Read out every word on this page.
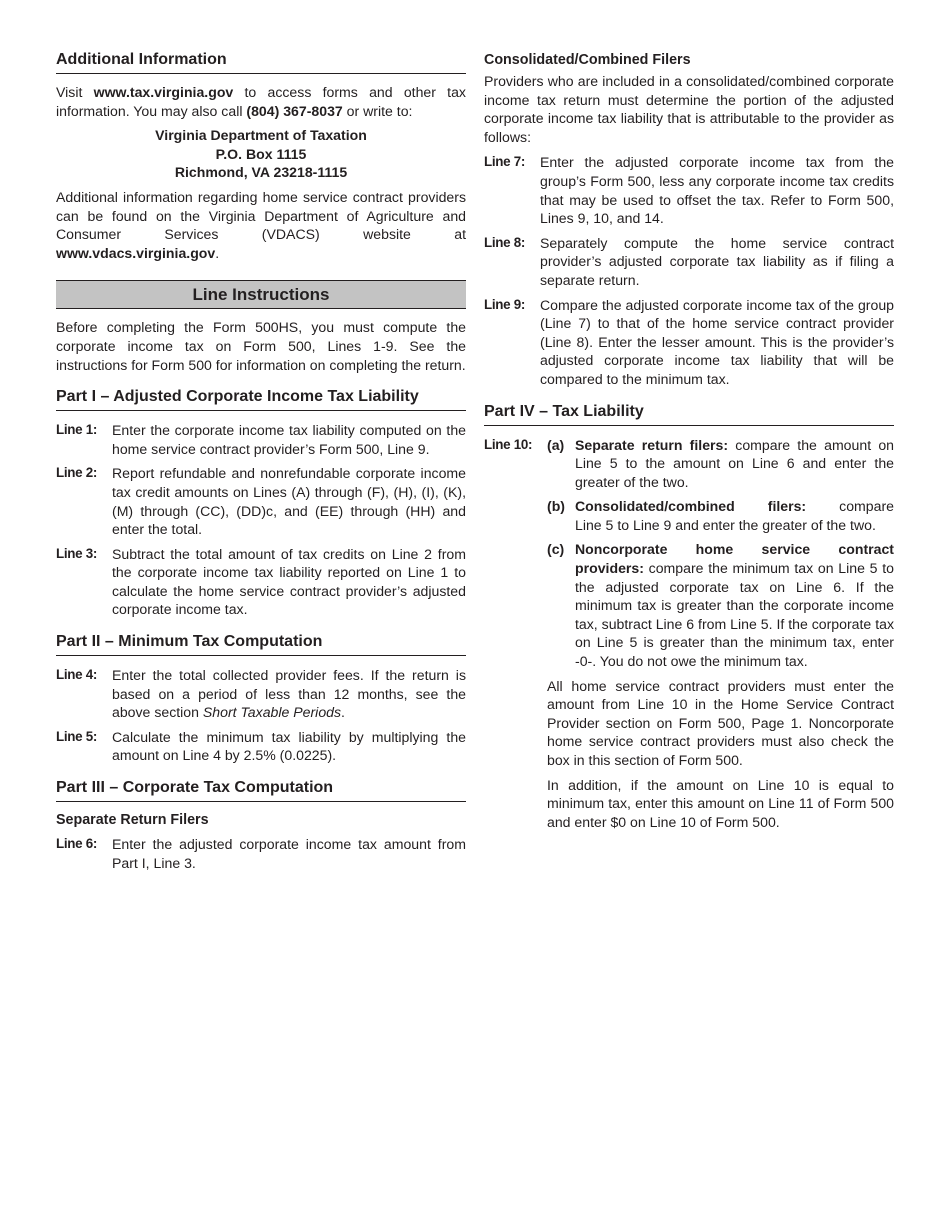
Additional Information

Visit www.tax.virginia.gov to access forms and other tax information. You may also call (804) 367-8037 or write to:

Virginia Department of Taxation

P.O. Box 1115

Richmond, VA 23218-1115

Additional information regarding home service contract providers can be found on the Virginia Department of Agriculture and Consumer Services (VDACS) website at www.vdacs.virginia.gov.

Line Instructions

Before completing the Form 500HS, you must compute the corporate income tax on Form 500, Lines 1-9. See the instructions for Form 500 for information on completing the return.

Part I – Adjusted Corporate Income Tax Liability
Line 1:	Enter the corporate income tax liability computed on the home service contract provider’s Form 500, Line 9.

Line 2:	Report refundable and nonrefundable corporate income tax credit amounts on Lines (A) through (F), (H), (I), (K), (M) through (CC), (DD)c, and (EE) through (HH) and enter the total.

Line 3:	Subtract the total amount of tax credits on Line 2 from the corporate income tax liability reported on Line 1 to calculate the home service contract provider’s adjusted corporate income tax.

Part II – Minimum Tax Computation
Line 4:	Enter the total collected provider fees. If the return is based on a period of less than 12 months, see the above section Short Taxable Periods.

Line 5:	Calculate the minimum tax liability by multiplying the amount on Line 4 by 2.5% (0.0225).

Part III – Corporate Tax Computation
Separate Return Filers
Line 6:	Enter the adjusted corporate income tax amount from Part I, Line 3.

Consolidated/Combined Filers

Providers who are included in a consolidated/combined corporate income tax return must determine the portion of the adjusted corporate income tax liability that is attributable to the provider as follows:

Line 7:	Enter the adjusted corporate income tax from the group’s Form 500, less any corporate income tax credits that may be used to offset the tax. Refer to Form 500, Lines 9, 10, and 14.

Line 8:	Separately compute the home service contract provider’s adjusted corporate tax liability as if filing a separate return.

Line 9:	Compare the adjusted corporate income tax of the group (Line 7) to that of the home service contract provider (Line 8). Enter the lesser amount. This is the provider’s adjusted corporate income tax liability that will be compared to the minimum tax.

Part IV – Tax Liability
Line 10:	(a) Separate return filers: compare the amount on Line 5 to the amount on Line 6 and enter the greater of the two.

(b) Consolidated/combined filers: compare

Line 5 to Line 9 and enter the greater of the two.

(c) Noncorporate home service contract

providers: compare the minimum tax on Line 5 to the adjusted corporate tax on Line 6. If the minimum tax is greater than the corporate income tax, subtract Line 6 from Line 5. If the corporate tax on Line 5 is greater than the minimum tax, enter -0-. You do not owe the minimum tax.

All home service contract providers must enter the amount from Line 10 in the Home Service Contract Provider section on Form 500, Page 1. Noncorporate home service contract providers must also check the box in this section of Form 500.

In addition, if the amount on Line 10 is equal to minimum tax, enter this amount on Line 11 of Form 500 and enter $0 on Line 10 of Form 500.
